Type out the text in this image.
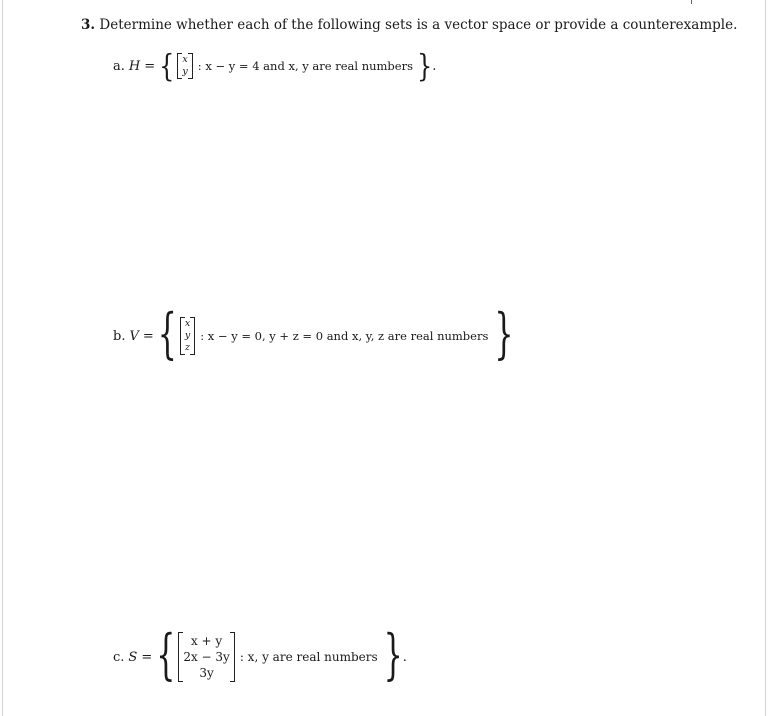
3. Determine whether each of the following sets is a vector space or provide a counterexample.
a. H = { x
y : x − y = 4 and x, y are real numbers } .
b. V = { x
y
z
: x − y = 0, y + z = 0 and x, y, z are real numbers }
c. S = { x + y
2x − 3y
3y
: x, y are real numbers } .
